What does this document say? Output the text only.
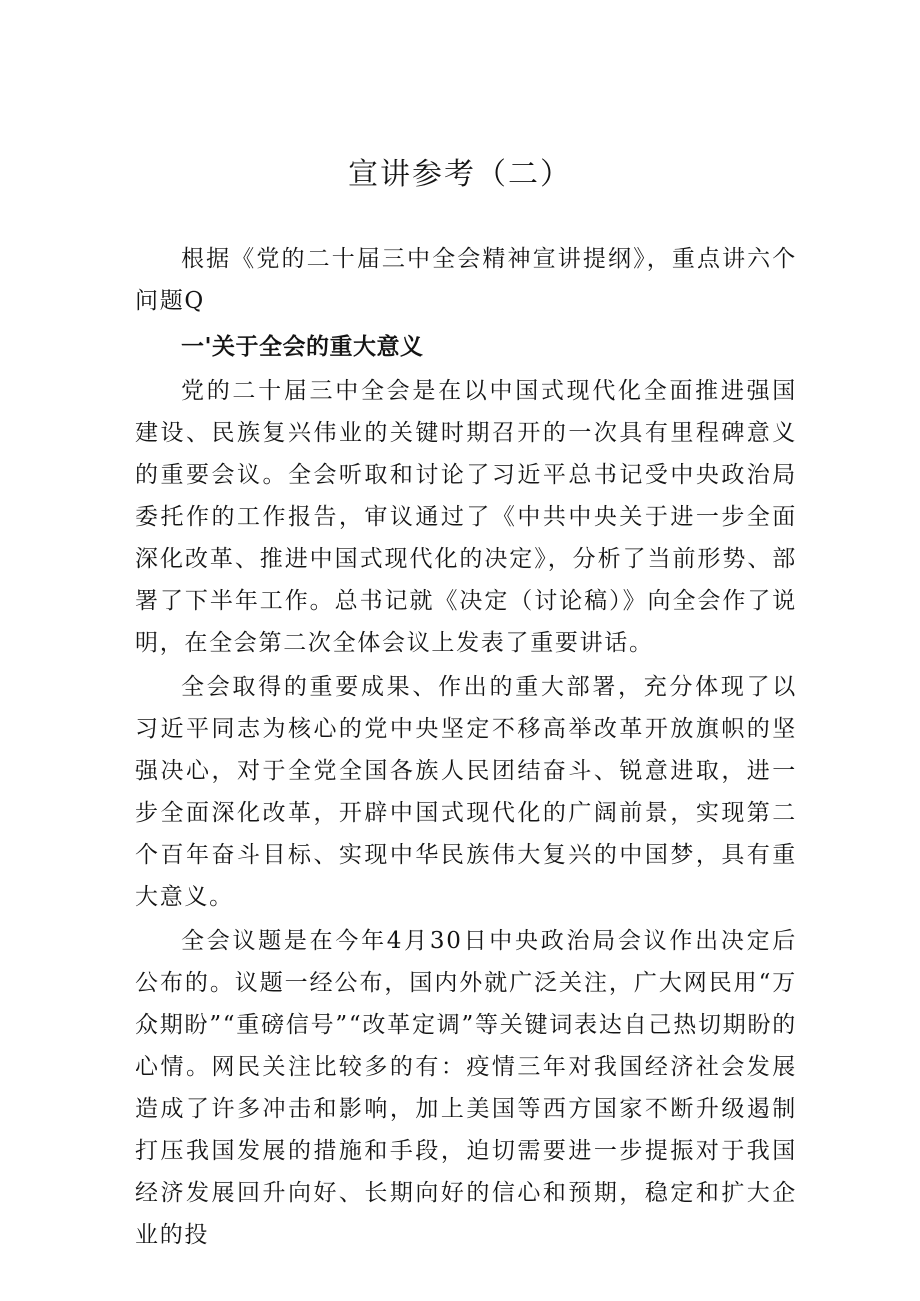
宣讲参考（二）

根据《党的二十届三中全会精神宣讲提纲》，重点讲六个问题Q

一'关于全会的重大意义

党的二十届三中全会是在以中国式现代化全面推进强国建设、民族复兴伟业的关键时期召开的一次具有里程碑意义的重要会议。全会听取和讨论了习近平总书记受中央政治局委托作的工作报告，审议通过了《中共中央关于进一步全面深化改革、推进中国式现代化的决定》，分析了当前形势、部署了下半年工作。总书记就《决定（讨论稿）》向全会作了说明，在全会第二次全体会议上发表了重要讲话。

全会取得的重要成果、作出的重大部署，充分体现了以习近平同志为核心的党中央坚定不移高举改革开放旗帜的坚强决心，对于全党全国各族人民团结奋斗、锐意进取，进一步全面深化改革，开辟中国式现代化的广阔前景，实现第二个百年奋斗目标、实现中华民族伟大复兴的中国梦，具有重大意义。

全会议题是在今年4月30日中央政治局会议作出决定后公布的。议题一经公布，国内外就广泛关注，广大网民用“万众期盼”“重磅信号”“改革定调”等关键词表达自己热切期盼的心情。网民关注比较多的有：疫情三年对我国经济社会发展造成了许多冲击和影响，加上美国等西方国家不断升级遏制打压我国发展的措施和手段，迫切需要进一步提振对于我国经济发展回升向好、长期向好的信心和预期，稳定和扩大企业的投
